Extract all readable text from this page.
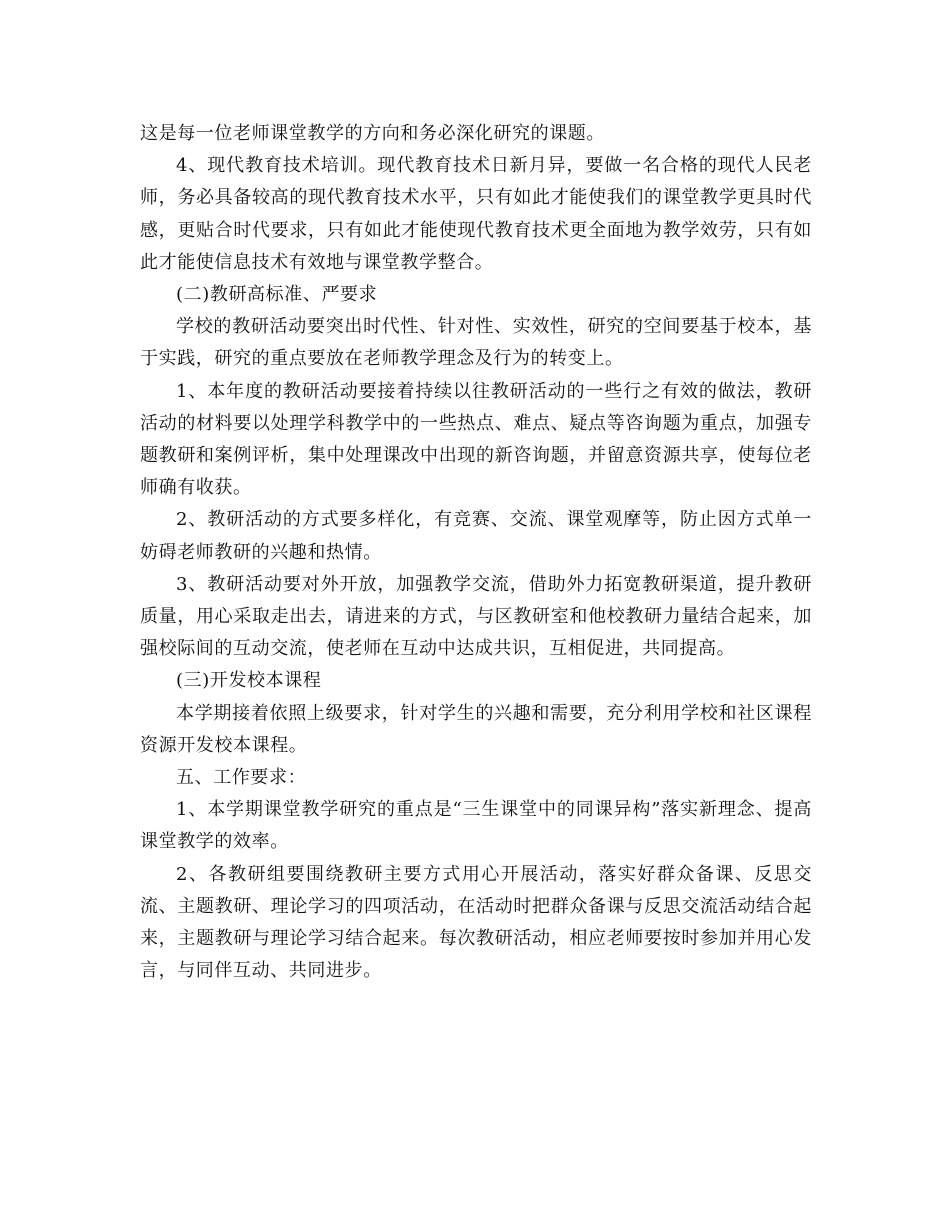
这是每一位老师课堂教学的方向和务必深化研究的课题。

4、现代教育技术培训。现代教育技术日新月异，要做一名合格的现代人民老师，务必具备较高的现代教育技术水平，只有如此才能使我们的课堂教学更具时代感，更贴合时代要求，只有如此才能使现代教育技术更全面地为教学效劳，只有如此才能使信息技术有效地与课堂教学整合。

(二)教研高标准、严要求

学校的教研活动要突出时代性、针对性、实效性，研究的空间要基于校本，基于实践，研究的重点要放在老师教学理念及行为的转变上。

1、本年度的教研活动要接着持续以往教研活动的一些行之有效的做法，教研活动的材料要以处理学科教学中的一些热点、难点、疑点等咨询题为重点，加强专题教研和案例评析，集中处理课改中出现的新咨询题，并留意资源共享，使每位老师确有收获。

2、教研活动的方式要多样化，有竞赛、交流、课堂观摩等，防止因方式单一妨碍老师教研的兴趣和热情。

3、教研活动要对外开放，加强教学交流，借助外力拓宽教研渠道，提升教研质量，用心采取走出去，请进来的方式，与区教研室和他校教研力量结合起来，加强校际间的互动交流，使老师在互动中达成共识，互相促进，共同提高。

(三)开发校本课程

本学期接着依照上级要求，针对学生的兴趣和需要，充分利用学校和社区课程资源开发校本课程。

五、工作要求：

1、本学期课堂教学研究的重点是“三生课堂中的同课异构”落实新理念、提高课堂教学的效率。

2、各教研组要围绕教研主要方式用心开展活动，落实好群众备课、反思交流、主题教研、理论学习的四项活动，在活动时把群众备课与反思交流活动结合起来，主题教研与理论学习结合起来。每次教研活动，相应老师要按时参加并用心发言，与同伴互动、共同进步。
